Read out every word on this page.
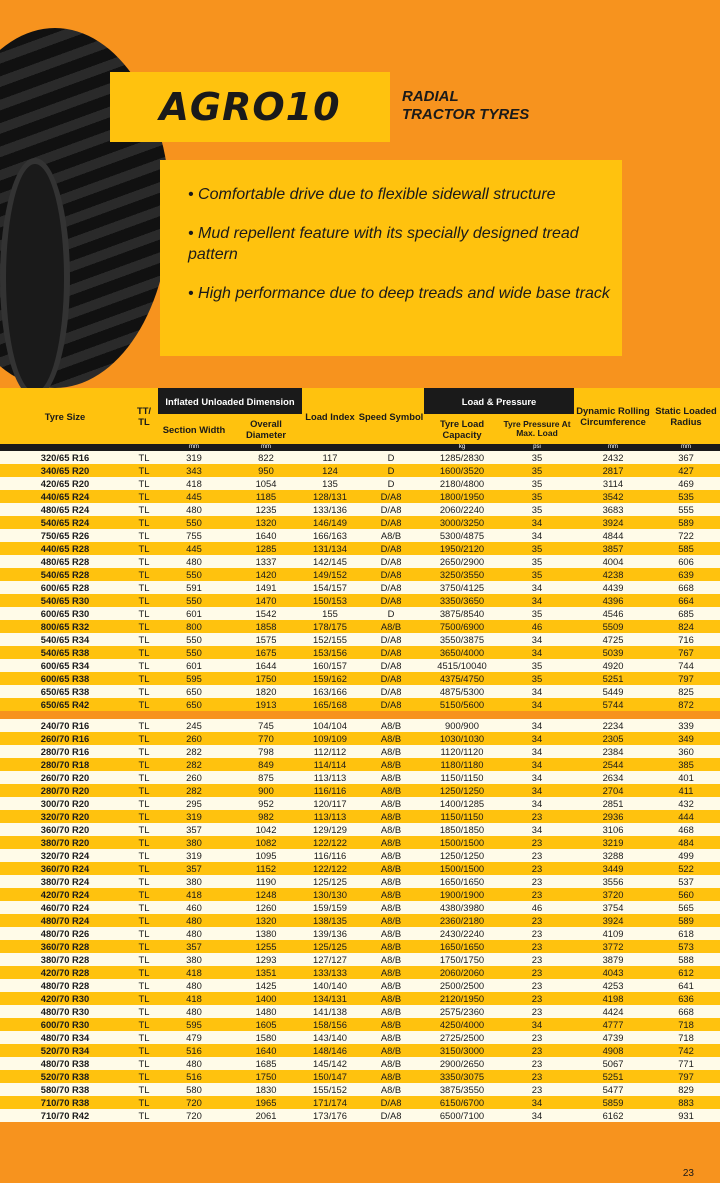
AGRO10	RADIAL
TRACTOR TYRES

• Comfortable drive due to flexible sidewall structure

• Mud repellent feature with its specially designed tread pattern

• High performance due to deep treads and wide base track

Tyre Size	TT/ TL	Inflated Unloaded Dimension		Load Index	Speed Symbol	Load & Pressure		Dynamic Rolling Circumference	Static Loaded Radius
		Section Width	Overall Diameter			Tyre Load Capacity	Tyre Pressure At Max. Load		
		mm	mm			kg	psi	mm	mm
320/65 R16	TL	319	822	117	D	1285/2830	35	2432	367
340/65 R20	TL	343	950	124	D	1600/3520	35	2817	427
420/65 R20	TL	418	1054	135	D	2180/4800	35	3114	469
440/65 R24	TL	445	1185	128/131	D/A8	1800/1950	35	3542	535
480/65 R24	TL	480	1235	133/136	D/A8	2060/2240	35	3683	555
540/65 R24	TL	550	1320	146/149	D/A8	3000/3250	34	3924	589
750/65 R26	TL	755	1640	166/163	A8/B	5300/4875	34	4844	722
440/65 R28	TL	445	1285	131/134	D/A8	1950/2120	35	3857	585
480/65 R28	TL	480	1337	142/145	D/A8	2650/2900	35	4004	606
540/65 R28	TL	550	1420	149/152	D/A8	3250/3550	35	4238	639
600/65 R28	TL	591	1491	154/157	D/A8	3750/4125	34	4439	668
540/65 R30	TL	550	1470	150/153	D/A8	3350/3650	34	4396	664
600/65 R30	TL	601	1542	155	D	3875/8540	35	4546	685
800/65 R32	TL	800	1858	178/175	A8/B	7500/6900	46	5509	824
540/65 R34	TL	550	1575	152/155	D/A8	3550/3875	34	4725	716
540/65 R38	TL	550	1675	153/156	D/A8	3650/4000	34	5039	767
600/65 R34	TL	601	1644	160/157	D/A8	4515/10040	35	4920	744
600/65 R38	TL	595	1750	159/162	D/A8	4375/4750	35	5251	797
650/65 R38	TL	650	1820	163/166	D/A8	4875/5300	34	5449	825
650/65 R42	TL	650	1913	165/168	D/A8	5150/5600	34	5744	872

240/70 R16	TL	245	745	104/104	A8/B	900/900	34	2234	339
260/70 R16	TL	260	770	109/109	A8/B	1030/1030	34	2305	349
280/70 R16	TL	282	798	112/112	A8/B	1120/1120	34	2384	360
280/70 R18	TL	282	849	114/114	A8/B	1180/1180	34	2544	385
260/70 R20	TL	260	875	113/113	A8/B	1150/1150	34	2634	401
280/70 R20	TL	282	900	116/116	A8/B	1250/1250	34	2704	411
300/70 R20	TL	295	952	120/117	A8/B	1400/1285	34	2851	432
320/70 R20	TL	319	982	113/113	A8/B	1150/1150	23	2936	444
360/70 R20	TL	357	1042	129/129	A8/B	1850/1850	34	3106	468
380/70 R20	TL	380	1082	122/122	A8/B	1500/1500	23	3219	484
320/70 R24	TL	319	1095	116/116	A8/B	1250/1250	23	3288	499
360/70 R24	TL	357	1152	122/122	A8/B	1500/1500	23	3449	522
380/70 R24	TL	380	1190	125/125	A8/B	1650/1650	23	3556	537
420/70 R24	TL	418	1248	130/130	A8/B	1900/1900	23	3720	560
460/70 R24	TL	460	1260	159/159	A8/B	4380/3980	46	3754	565
480/70 R24	TL	480	1320	138/135	A8/B	2360/2180	23	3924	589
480/70 R26	TL	480	1380	139/136	A8/B	2430/2240	23	4109	618
360/70 R28	TL	357	1255	125/125	A8/B	1650/1650	23	3772	573
380/70 R28	TL	380	1293	127/127	A8/B	1750/1750	23	3879	588
420/70 R28	TL	418	1351	133/133	A8/B	2060/2060	23	4043	612
480/70 R28	TL	480	1425	140/140	A8/B	2500/2500	23	4253	641
420/70 R30	TL	418	1400	134/131	A8/B	2120/1950	23	4198	636
480/70 R30	TL	480	1480	141/138	A8/B	2575/2360	23	4424	668
600/70 R30	TL	595	1605	158/156	A8/B	4250/4000	34	4777	718
480/70 R34	TL	479	1580	143/140	A8/B	2725/2500	23	4739	718
520/70 R34	TL	516	1640	148/146	A8/B	3150/3000	23	4908	742
480/70 R38	TL	480	1685	145/142	A8/B	2900/2650	23	5067	771
520/70 R38	TL	516	1750	150/147	A8/B	3350/3075	23	5251	797
580/70 R38	TL	580	1830	155/152	A8/B	3875/3550	23	5477	829
710/70 R38	TL	720	1965	171/174	D/A8	6150/6700	34	5859	883
710/70 R42	TL	720	2061	173/176	D/A8	6500/7100	34	6162	931
23
